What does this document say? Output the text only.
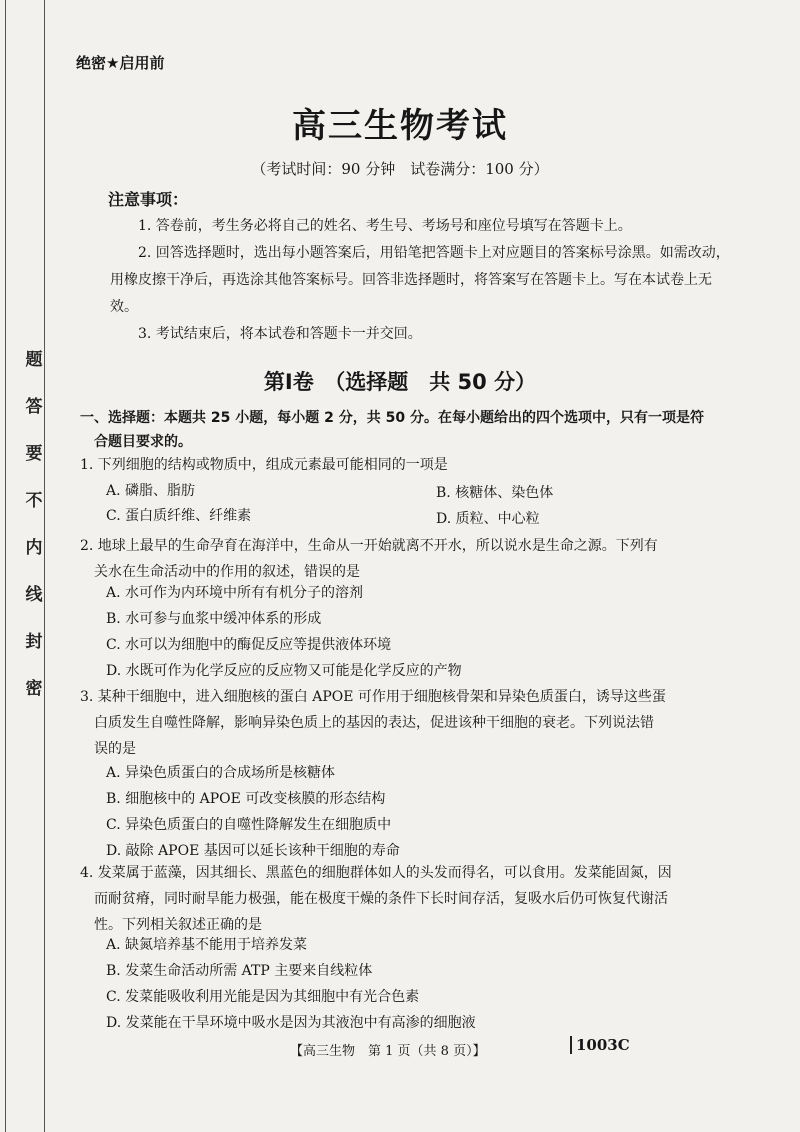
题
答
要
不
内
线
封
密
绝密★启用前
高三生物考试
（考试时间：90 分钟　试卷满分：100 分）
注意事项：

1. 答卷前，考生务必将自己的姓名、考生号、考场号和座位号填写在答题卡上。

2. 回答选择题时，选出每小题答案后，用铅笔把答题卡上对应题目的答案标号涂黑。如需改动，用橡皮擦干净后，再选涂其他答案标号。回答非选择题时，将答案写在答题卡上。写在本试卷上无效。

3. 考试结束后，将本试卷和答题卡一并交回。

第Ⅰ卷　（选择题　共 50 分）
一、选择题：本题共 25 小题，每小题 2 分，共 50 分。在每小题给出的四个选项中，只有一项是符
合题目要求的。

1. 下列细胞的结构或物质中，组成元素最可能相同的一项是

A. 磷脂、脂肪	B. 核糖体、染色体
C. 蛋白质纤维、纤维素	D. 质粒、中心粒

2. 地球上最早的生命孕育在海洋中，生命从一开始就离不开水，所以说水是生命之源。下列有

关水在生命活动中的作用的叙述，错误的是

A. 水可作为内环境中所有有机分子的溶剂
B. 水可参与血浆中缓冲体系的形成
C. 水可以为细胞中的酶促反应等提供液体环境
D. 水既可作为化学反应的反应物又可能是化学反应的产物

3. 某种干细胞中，进入细胞核的蛋白 APOE 可作用于细胞核骨架和异染色质蛋白，诱导这些蛋

白质发生自噬性降解，影响异染色质上的基因的表达，促进该种干细胞的衰老。下列说法错

误的是

A. 异染色质蛋白的合成场所是核糖体
B. 细胞核中的 APOE 可改变核膜的形态结构
C. 异染色质蛋白的自噬性降解发生在细胞质中
D. 敲除 APOE 基因可以延长该种干细胞的寿命

4. 发菜属于蓝藻，因其细长、黑蓝色的细胞群体如人的头发而得名，可以食用。发菜能固氮，因

而耐贫瘠，同时耐旱能力极强，能在极度干燥的条件下长时间存活，复吸水后仍可恢复代谢活

性。下列相关叙述正确的是

A. 缺氮培养基不能用于培养发菜
B. 发菜生命活动所需 ATP 主要来自线粒体
C. 发菜能吸收利用光能是因为其细胞中有光合色素
D. 发菜能在干旱环境中吸水是因为其液泡中有高渗的细胞液
【高三生物　第 1 页（共 8 页）】	1003C
